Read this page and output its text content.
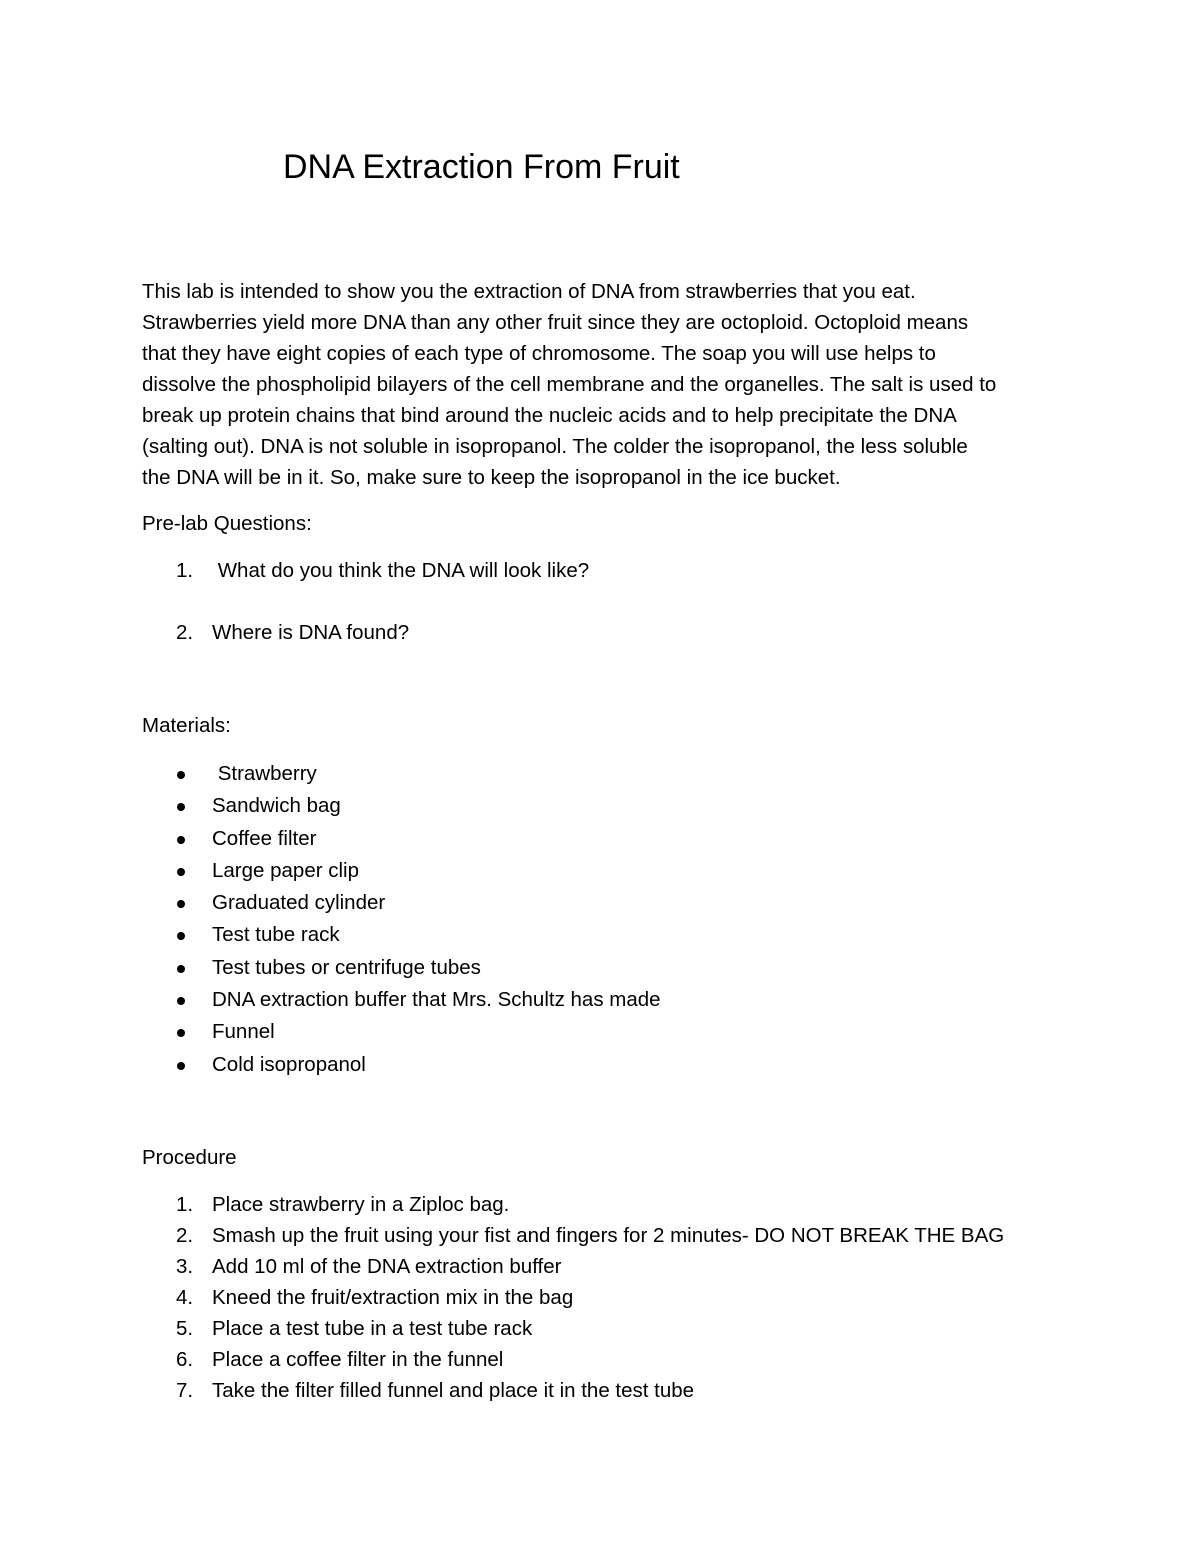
DNA Extraction From Fruit

This lab is intended to show you the extraction of DNA from strawberries that you eat.
Strawberries yield more DNA than any other fruit since they are octoploid. Octoploid means
that they have eight copies of each type of chromosome. The soap you will use helps to
dissolve the phospholipid bilayers of the cell membrane and the organelles. The salt is used to
break up protein chains that bind around the nucleic acids and to help precipitate the DNA
(salting out). DNA is not soluble in isopropanol. The colder the isopropanol, the less soluble
the DNA will be in it. So, make sure to keep the isopropanol in the ice bucket.

Pre-lab Questions:
1. What do you think the DNA will look like?
2. Where is DNA found?
Materials:
Strawberry
Sandwich bag
Coffee filter
Large paper clip
Graduated cylinder
Test tube rack
Test tubes or centrifuge tubes
DNA extraction buffer that Mrs. Schultz has made
Funnel
Cold isopropanol
Procedure
1. Place strawberry in a Ziploc bag.
2. Smash up the fruit using your fist and fingers for 2 minutes- DO NOT BREAK THE BAG
3. Add 10 ml of the DNA extraction buffer
4. Kneed the fruit/extraction mix in the bag
5. Place a test tube in a test tube rack
6. Place a coffee filter in the funnel
7. Take the filter filled funnel and place it in the test tube
